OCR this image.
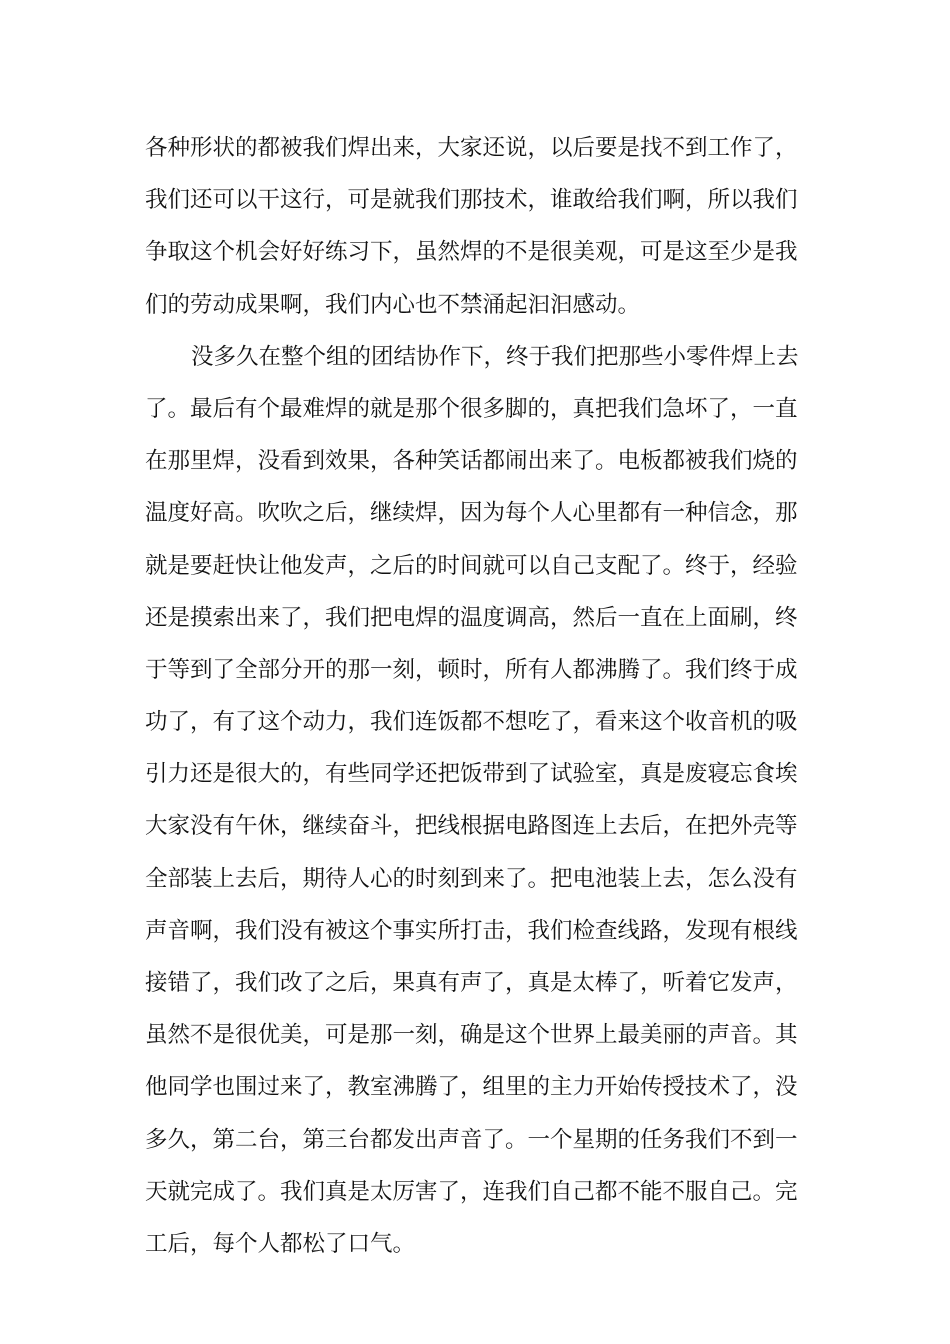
各种形状的都被我们焊出来，大家还说，以后要是找不到工作了，
我们还可以干这行，可是就我们那技术，谁敢给我们啊，所以我们
争取这个机会好好练习下，虽然焊的不是很美观，可是这至少是我
们的劳动成果啊，我们内心也不禁涌起汩汩感动。
没多久在整个组的团结协作下，终于我们把那些小零件焊上去
了。最后有个最难焊的就是那个很多脚的，真把我们急坏了，一直
在那里焊，没看到效果，各种笑话都闹出来了。电板都被我们烧的
温度好高。吹吹之后，继续焊，因为每个人心里都有一种信念，那
就是要赶快让他发声，之后的时间就可以自己支配了。终于，经验
还是摸索出来了，我们把电焊的温度调高，然后一直在上面刷，终
于等到了全部分开的那一刻，顿时，所有人都沸腾了。我们终于成
功了，有了这个动力，我们连饭都不想吃了，看来这个收音机的吸
引力还是很大的，有些同学还把饭带到了试验室，真是废寝忘食埃
大家没有午休，继续奋斗，把线根据电路图连上去后，在把外壳等
全部装上去后，期待人心的时刻到来了。把电池装上去，怎么没有
声音啊，我们没有被这个事实所打击，我们检查线路，发现有根线
接错了，我们改了之后，果真有声了，真是太棒了，听着它发声，
虽然不是很优美，可是那一刻，确是这个世界上最美丽的声音。其
他同学也围过来了，教室沸腾了，组里的主力开始传授技术了，没
多久，第二台，第三台都发出声音了。一个星期的任务我们不到一
天就完成了。我们真是太厉害了，连我们自己都不能不服自己。完
工后，每个人都松了口气。
